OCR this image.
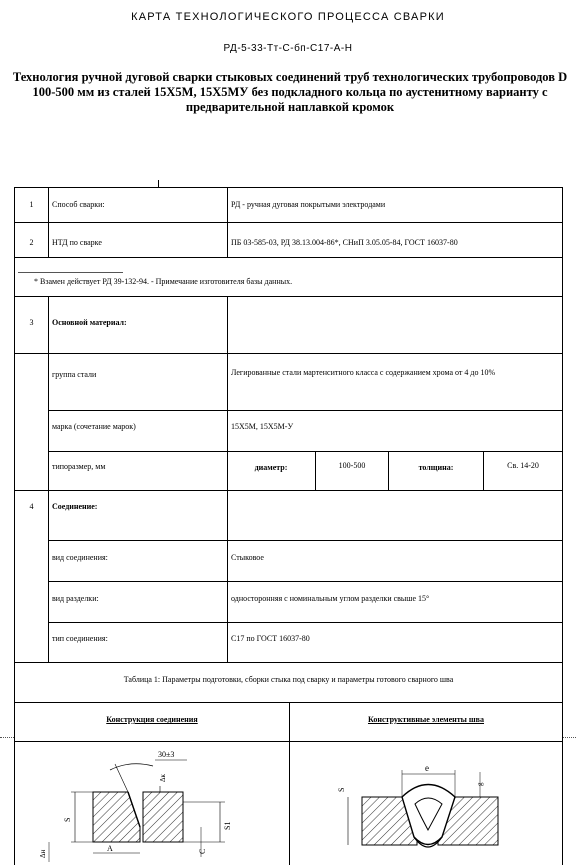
КАРТА ТЕХНОЛОГИЧЕСКОГО ПРОЦЕССА СВАРКИ
РД-5-33-Тт-С-бп-С17-А-Н
Технология ручной дуговой сварки стыковых соединений труб технологических трубопроводов D 100-500 мм из сталей 15Х5М, 15Х5МУ без подкладного кольца по аустенитному варианту с предварительной наплавкой кромок
1	Способ сварки:	РД - ручная дуговая покрытыми электродами
2	НТД по сварке	ПБ 03-585-03, РД 38.13.004-86*, СНиП 3.05.05-84, ГОСТ 16037-80
* Взамен действует РД 39-132-94. - Примечание изготовителя базы данных.
3	Основной материал:
группа стали	Легированные стали мартенситного класса с содержанием хрома от 4 до 10%
марка (сочетание марок)	15Х5М, 15Х5М-У
типоразмер, мм	диаметр:	100-500	толщина:	Св. 14-20
4	Соединение:
вид соединения:	Стыковое
вид разделки:	односторонняя с номинальным углом разделки свыше 15°
тип соединения:	С17 по ГОСТ 16037-80
Таблица 1: Параметры подготовки, сборки стыка под сварку и параметры готового сварного шва
Конструкция соединения	Конструктивные элементы шва
30±3
Δк
S
S1
C
Δн
A
e
g
S
